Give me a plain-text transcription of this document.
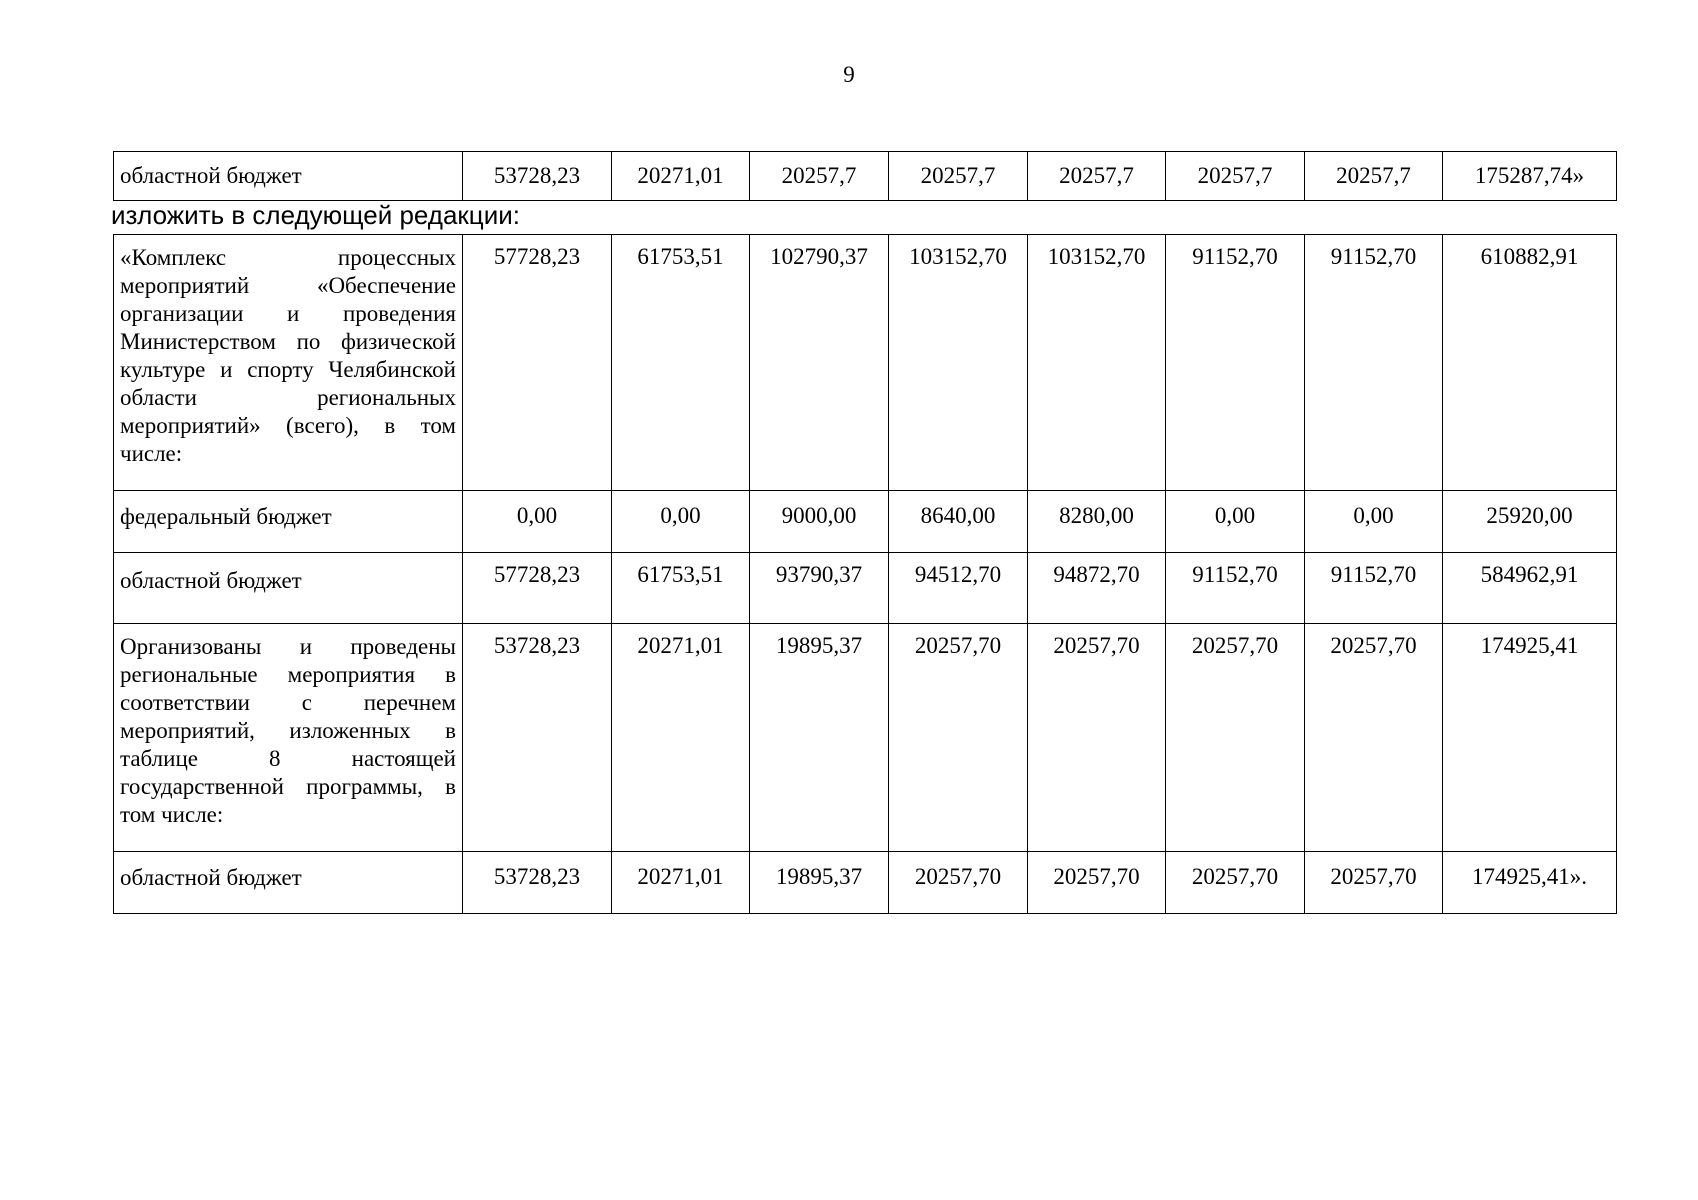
9
областной бюджет	53728,23	20271,01	20257,7	20257,7	20257,7	20257,7	20257,7	175287,74»
изложить в следующей редакции:
«Комплекс процессных мероприятий «Обеспечение организации и проведения Министерством по физической культуре и спорту Челябинской области региональных мероприятий» (всего), в том числе:	57728,23	61753,51	102790,37	103152,70	103152,70	91152,70	91152,70	610882,91
федеральный бюджет	0,00	0,00	9000,00	8640,00	8280,00	0,00	0,00	25920,00
областной бюджет	57728,23	61753,51	93790,37	94512,70	94872,70	91152,70	91152,70	584962,91
Организованы и проведены региональные мероприятия в соответствии с перечнем мероприятий, изложенных в таблице 8 настоящей государственной программы, в том числе:	53728,23	20271,01	19895,37	20257,70	20257,70	20257,70	20257,70	174925,41
областной бюджет	53728,23	20271,01	19895,37	20257,70	20257,70	20257,70	20257,70	174925,41».
